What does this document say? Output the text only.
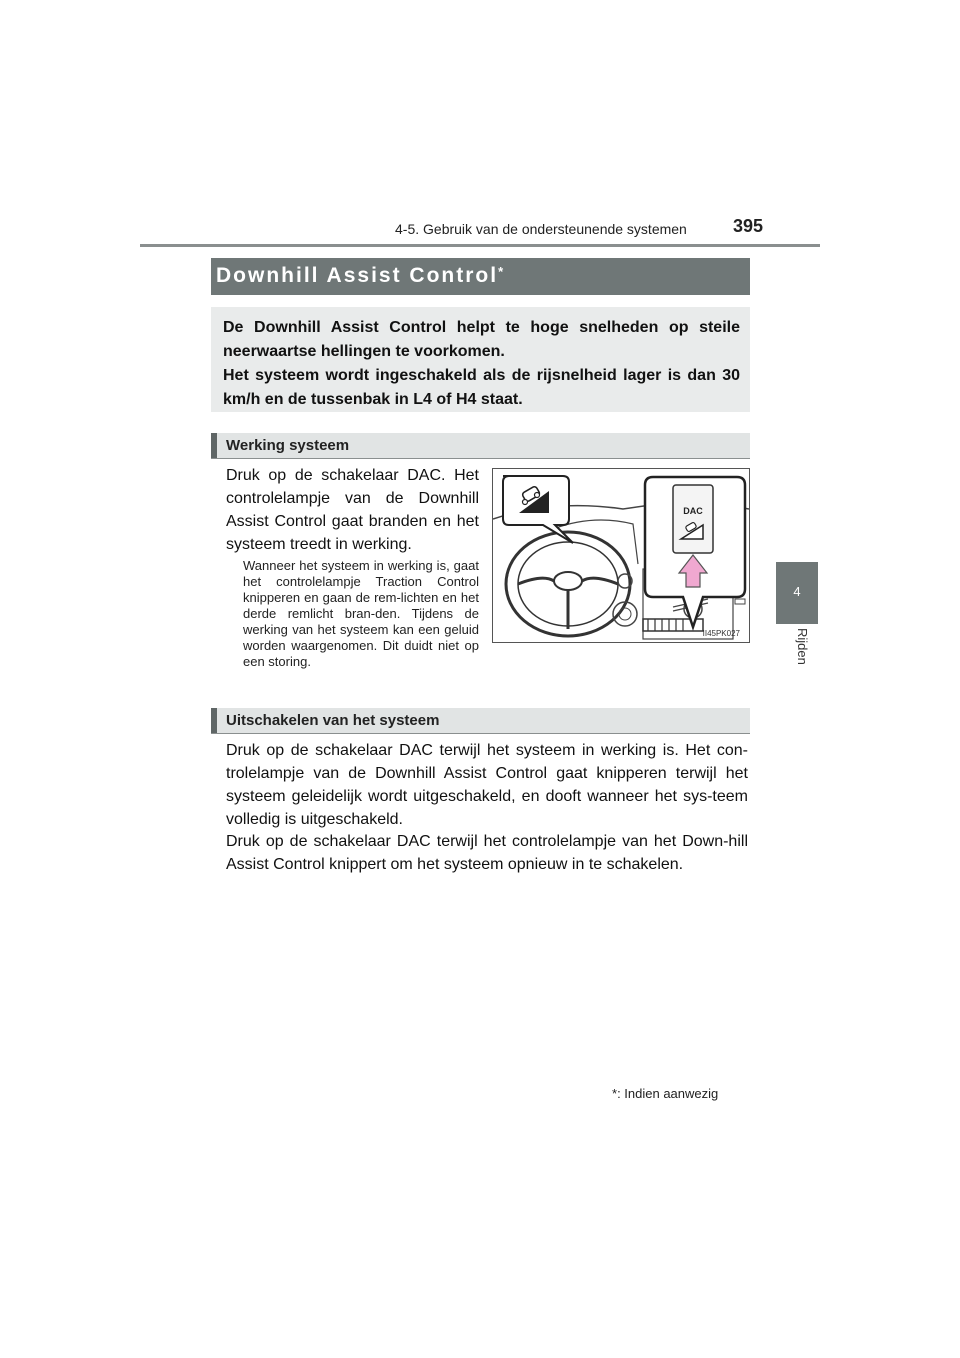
4-5. Gebruik van de ondersteunende systemen	395
4
Rijden
Downhill Assist Control*

De Downhill Assist Control helpt te hoge snelheden op steile neerwaartse hellingen te voorkomen.

Het systeem wordt ingeschakeld als de rijsnelheid lager is dan 30 km/h en de tussenbak in L4 of H4 staat.

Werking systeem

Druk op de schakelaar DAC. Het controlelampje van de Downhill Assist Control gaat branden en het systeem treedt in werking.

Wanneer het systeem in werking is, gaat het controlelampje Traction Control knipperen en gaan de rem-lichten en het derde remlicht bran-den. Tijdens de werking van het systeem kan een geluid worden waargenomen. Dit duidt niet op een storing.

DAC
II45PK027
Uitschakelen van het systeem

Druk op de schakelaar DAC terwijl het systeem in werking is. Het con-trolelampje van de Downhill Assist Control gaat knipperen terwijl het systeem geleidelijk wordt uitgeschakeld, en dooft wanneer het sys-teem volledig is uitgeschakeld.

Druk op de schakelaar DAC terwijl het controlelampje van het Down-hill Assist Control knippert om het systeem opnieuw in te schakelen.

*: Indien aanwezig
